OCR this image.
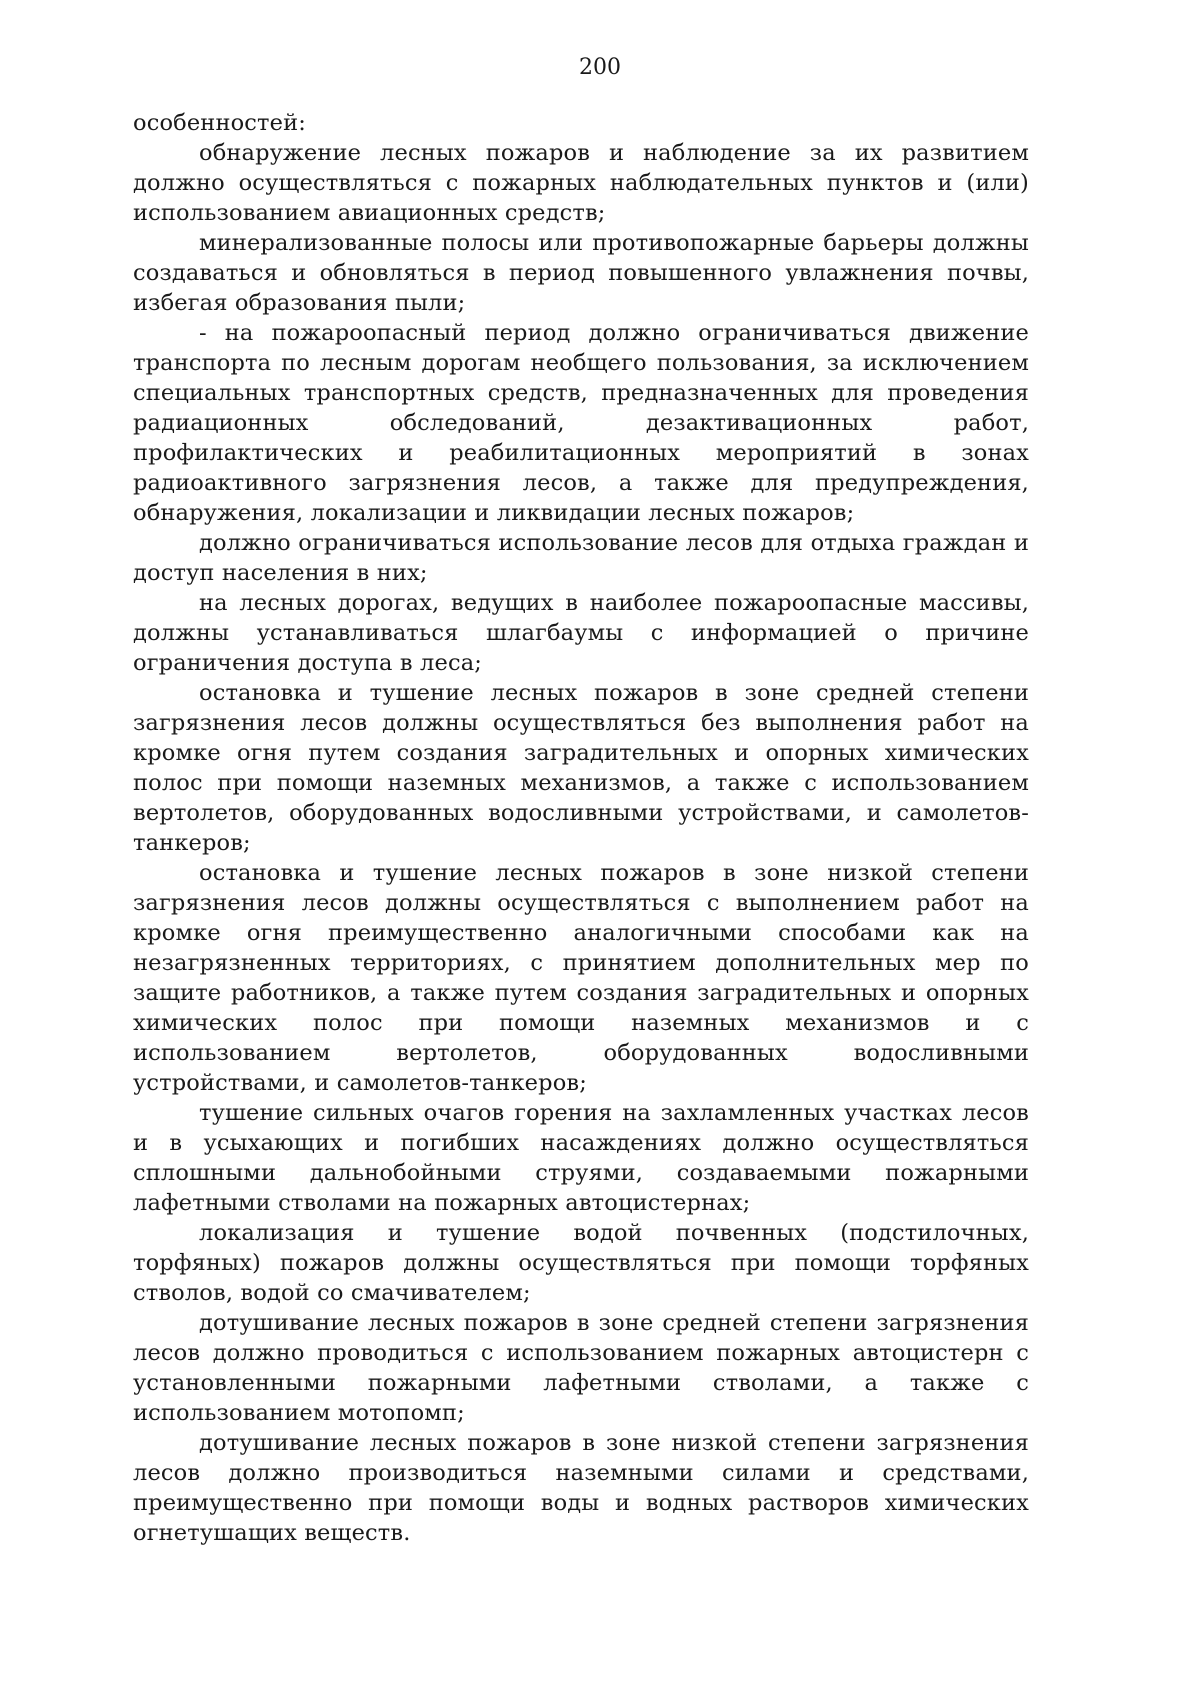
200

особенностей:

обнаружение лесных пожаров и наблюдение за их развитием должно осуществляться с пожарных наблюдательных пунктов и (или) использованием авиационных средств;

минерализованные полосы или противопожарные барьеры должны создаваться и обновляться в период повышенного увлажнения почвы, избегая образования пыли;

- на пожароопасный период должно ограничиваться движение транспорта по лесным дорогам необщего пользования, за исключением специальных транспортных средств, предназначенных для проведения радиационных обследований, дезактивационных работ, профилактических и реабилитационных мероприятий в зонах радиоактивного загрязнения лесов, а также для предупреждения, обнаружения, локализации и ликвидации лесных пожаров;

должно ограничиваться использование лесов для отдыха граждан и доступ населения в них;

на лесных дорогах, ведущих в наиболее пожароопасные массивы, должны устанавливаться шлагбаумы с информацией о причине ограничения доступа в леса;

остановка и тушение лесных пожаров в зоне средней степени загрязнения лесов должны осуществляться без выполнения работ на кромке огня путем создания заградительных и опорных химических полос при помощи наземных механизмов, а также с использованием вертолетов, оборудованных водосливными устройствами, и самолетов-танкеров;

остановка и тушение лесных пожаров в зоне низкой степени загрязнения лесов должны осуществляться с выполнением работ на кромке огня преимущественно аналогичными способами как на незагрязненных территориях, с принятием дополнительных мер по защите работников, а также путем создания заградительных и опорных химических полос при помощи наземных механизмов и с использованием вертолетов, оборудованных водосливными устройствами, и самолетов-танкеров;

тушение сильных очагов горения на захламленных участках лесов и в усыхающих и погибших насаждениях должно осуществляться сплошными дальнобойными струями, создаваемыми пожарными лафетными стволами на пожарных автоцистернах;

локализация и тушение водой почвенных (подстилочных, торфяных) пожаров должны осуществляться при помощи торфяных стволов, водой со смачивателем;

дотушивание лесных пожаров в зоне средней степени загрязнения лесов должно проводиться с использованием пожарных автоцистерн с установленными пожарными лафетными стволами, а также с использованием мотопомп;

дотушивание лесных пожаров в зоне низкой степени загрязнения лесов должно производиться наземными силами и средствами, преимущественно при помощи воды и водных растворов химических огнетушащих веществ.
